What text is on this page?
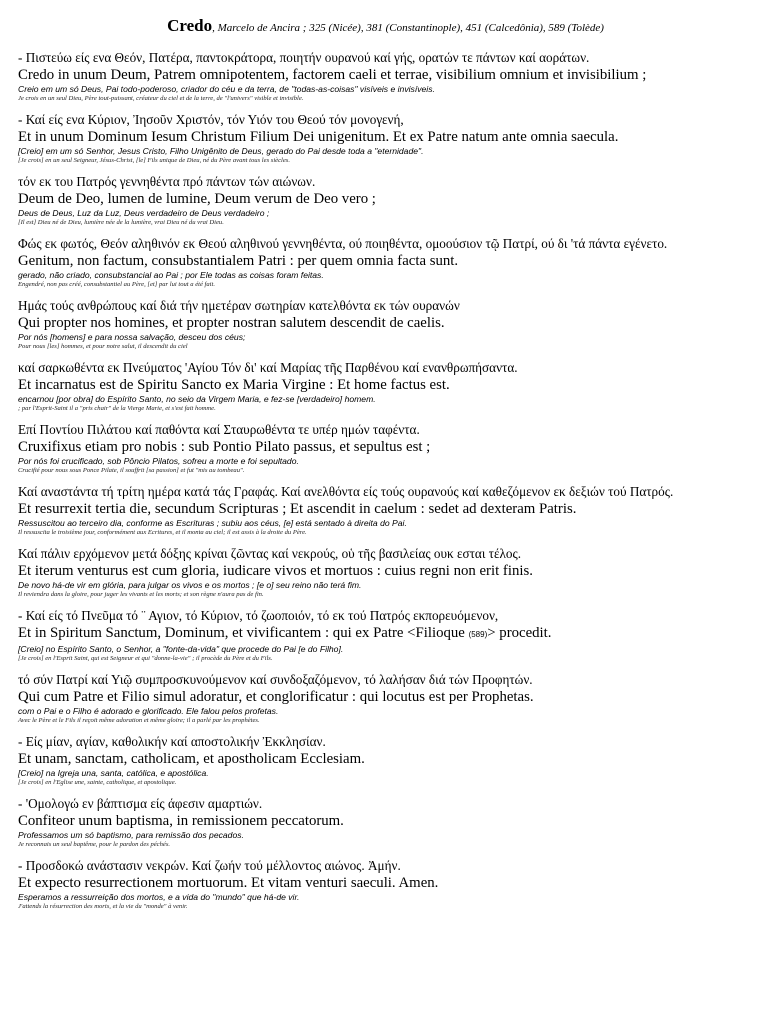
Credo, Marcelo de Ancira ; 325 (Nicée), 381 (Constantinople), 451 (Calcedônia), 589 (Tolède)
- Πιστεύω είς ενα Θεόν, Πατέρα, παντοκράτορα, ποιητήν ουρανού καί γής, ορατών τε πάντων καί αοράτων.
Credo in unum Deum, Patrem omnipotentem, factorem caeli et terrae, visibilium omnium et invisibilium ;
Creio em um só Deus, Pai todo-poderoso, criador do céu e da terra, de "todas-as-coisas" visíveis e invisíveis.
Je crois en un seul Dieu, Père tout-puissant, créateur du ciel et de la terre, de "l'univers" visible et invisible.
- Καί είς ενα Κύριον, Ἰησοῦν Χριστόν, τόν Υιόν του Θεού τόν μονογενή,
Et in unum Dominum Iesum Christum Filium Dei unigenitum. Et ex Patre natum ante omnia saecula.
[Creio] em um só Senhor, Jesus Cristo, Filho Unigênito de Deus, gerado do Pai desde toda a "eternidade".
[Je crois] en un seul Seigneur, Jésus-Christ, [le] Fils unique de Dieu, né du Père avant tous les siècles.
τόν εκ του Πατρός γεννηθέντα πρό πάντων τών αιώνων.
Deum de Deo, lumen de lumine, Deum verum de Deo vero ;
Deus de Deus, Luz da Luz, Deus verdadeiro de Deus verdadeiro ;
[Il est] Dieu né de Dieu, lumière née de la lumière, vrai Dieu né du vrai Dieu.
Φώς εκ φωτός, Θεόν αληθινόν εκ Θεού αληθινού γεννηθέντα, ού ποιηθέντα, ομοούσιον τῷ Πατρί, ού δι 'τά πάντα εγένετο.
Genitum, non factum, consubstantialem Patri : per quem omnia facta sunt.
gerado, não criado, consubstancial ao Pai ; por Ele todas as coisas foram feitas.
Engendré, non pas créé, consubstantiel au Père, [et] par lui tout a été fait.
Ημάς τούς ανθρώπους καί διά τήν ημετέραν σωτηρίαν κατελθόντα εκ τών ουρανών
Qui propter nos homines, et propter nostran salutem descendit de caelis.
Por nós [homens] e para nossa salvação, desceu dos céus;
Pour nous [les] hommes, et pour notre salut, il descendit du ciel
καί σαρκωθέντα εκ Πνεύματος 'Αγίου Τόν δι' καί Μαρίας τῆς Παρθένου καί ενανθρωπήσαντα.
Et incarnatus est de Spiritu Sancto ex Maria Virgine : Et home factus est.
encarnou [por obra] do Espírito Santo, no seio da Virgem Maria, e fez-se [verdadeiro] homem.
; par l'Esprit-Saint il a "pris chair" de la Vierge Marie, et s'est fait homme.
Επί Ποντίου Πιλάτου καί παθόντα καί Σταυρωθέντα τε υπέρ ημών ταφέντα.
Cruxifixus etiam pro nobis : sub Pontio Pilato passus, et sepultus est ;
Por nós foi crucificado, sob Pôncio Pilatos, sofreu a morte e foi sepultado.
Crucifié pour nous sous Ponce Pilate, il souffrit [sa passion] et fut "mis au tombeau".
Καί αναστάντα τή τρίτη ημέρα κατά τάς Γραφάς. Καί ανελθόντα είς τούς ουρανούς καί καθεζόμενον εκ δεξιών τού Πατρός.
Et resurrexit tertia die, secundum Scripturas ; Et ascendit in caelum : sedet ad dexteram Patris.
Ressuscitou ao terceiro dia, conforme as Escrituras ; subiu aos céus, [e] está sentado à direita do Pai.
Il ressuscita le troisième jour, conformément aux Ecritures, et il monta au ciel; il est assis à la droite du Père.
Καί πάλιν ερχόμενον μετά δόξης κρίναι ζῶντας καί νεκρούς, οὑ τῆς βασιλείας ουκ εσται τέλος.
Et iterum venturus est cum gloria, iudicare vivos et mortuos : cuius regni non erit finis.
De novo há-de vir em glória, para julgar os vivos e os mortos ; [e o] seu reino não terá fim.
Il reviendra dans la gloire, pour juger les vivants et les morts; et son règne n'aura pas de fin.
- Καί είς τό Πνεῦμα τό ¨ Αγιον, τό Κύριον, τό ζωοποιόν, τό εκ τού Πατρός εκπορευόμενον,
Et in Spiritum Sanctum, Dominum, et vivificantem : qui ex Patre <Filioque (589)> procedit.
[Creio] no Espírito Santo, o Senhor, a "fonte-da-vida" que procede do Pai [e do Filho].
[Je crois] en l'Esprit Saint, qui est Seigneur et qui "donne-la-vie" ; il procède du Père et du Fils.
τό σύν Πατρί καί Υιῷ συμπροσκυνούμενον καί συνδοξαζόμενον, τό λαλήσαν διά τών Προφητών.
Qui cum Patre et Filio simul adoratur, et conglorificatur : qui locutus est per Prophetas.
com o Pai e o Filho é adorado e glorificado. Ele falou pelos profetas.
Avec le Père et le Fils il reçoit même adoration et même gloire; il a parlé par les prophètes.
- Είς μίαν, αγίαν, καθολικήν καί αποστολικήν Ἐκκλησίαν.
Et unam, sanctam, catholicam, et apostholicam Ecclesiam.
[Creio] na Igreja una, santa, católica, e apostólica.
[Je crois] en l'Eglise une, sainte, catholique, et apostolique.
- 'Ομολογώ εν βάπτισμα είς άφεσιν αμαρτιών.
Confiteor unum baptisma, in remissionem peccatorum.
Professamos um só baptismo, para remissão dos pecados.
Je reconnais un seul baptême, pour le pardon des péchés.
- Προσδοκώ ανάστασιν νεκρών. Καί ζωήν τού μέλλοντος αιώνος. Ἀμήν.
Et expecto resurrectionem mortuorum. Et vitam venturi saeculi. Amen.
Esperamos a ressurreição dos mortos, e a vida do "mundo" que há-de vir.
J'attends la résurrection des morts, et la vie du "monde" à venir.
